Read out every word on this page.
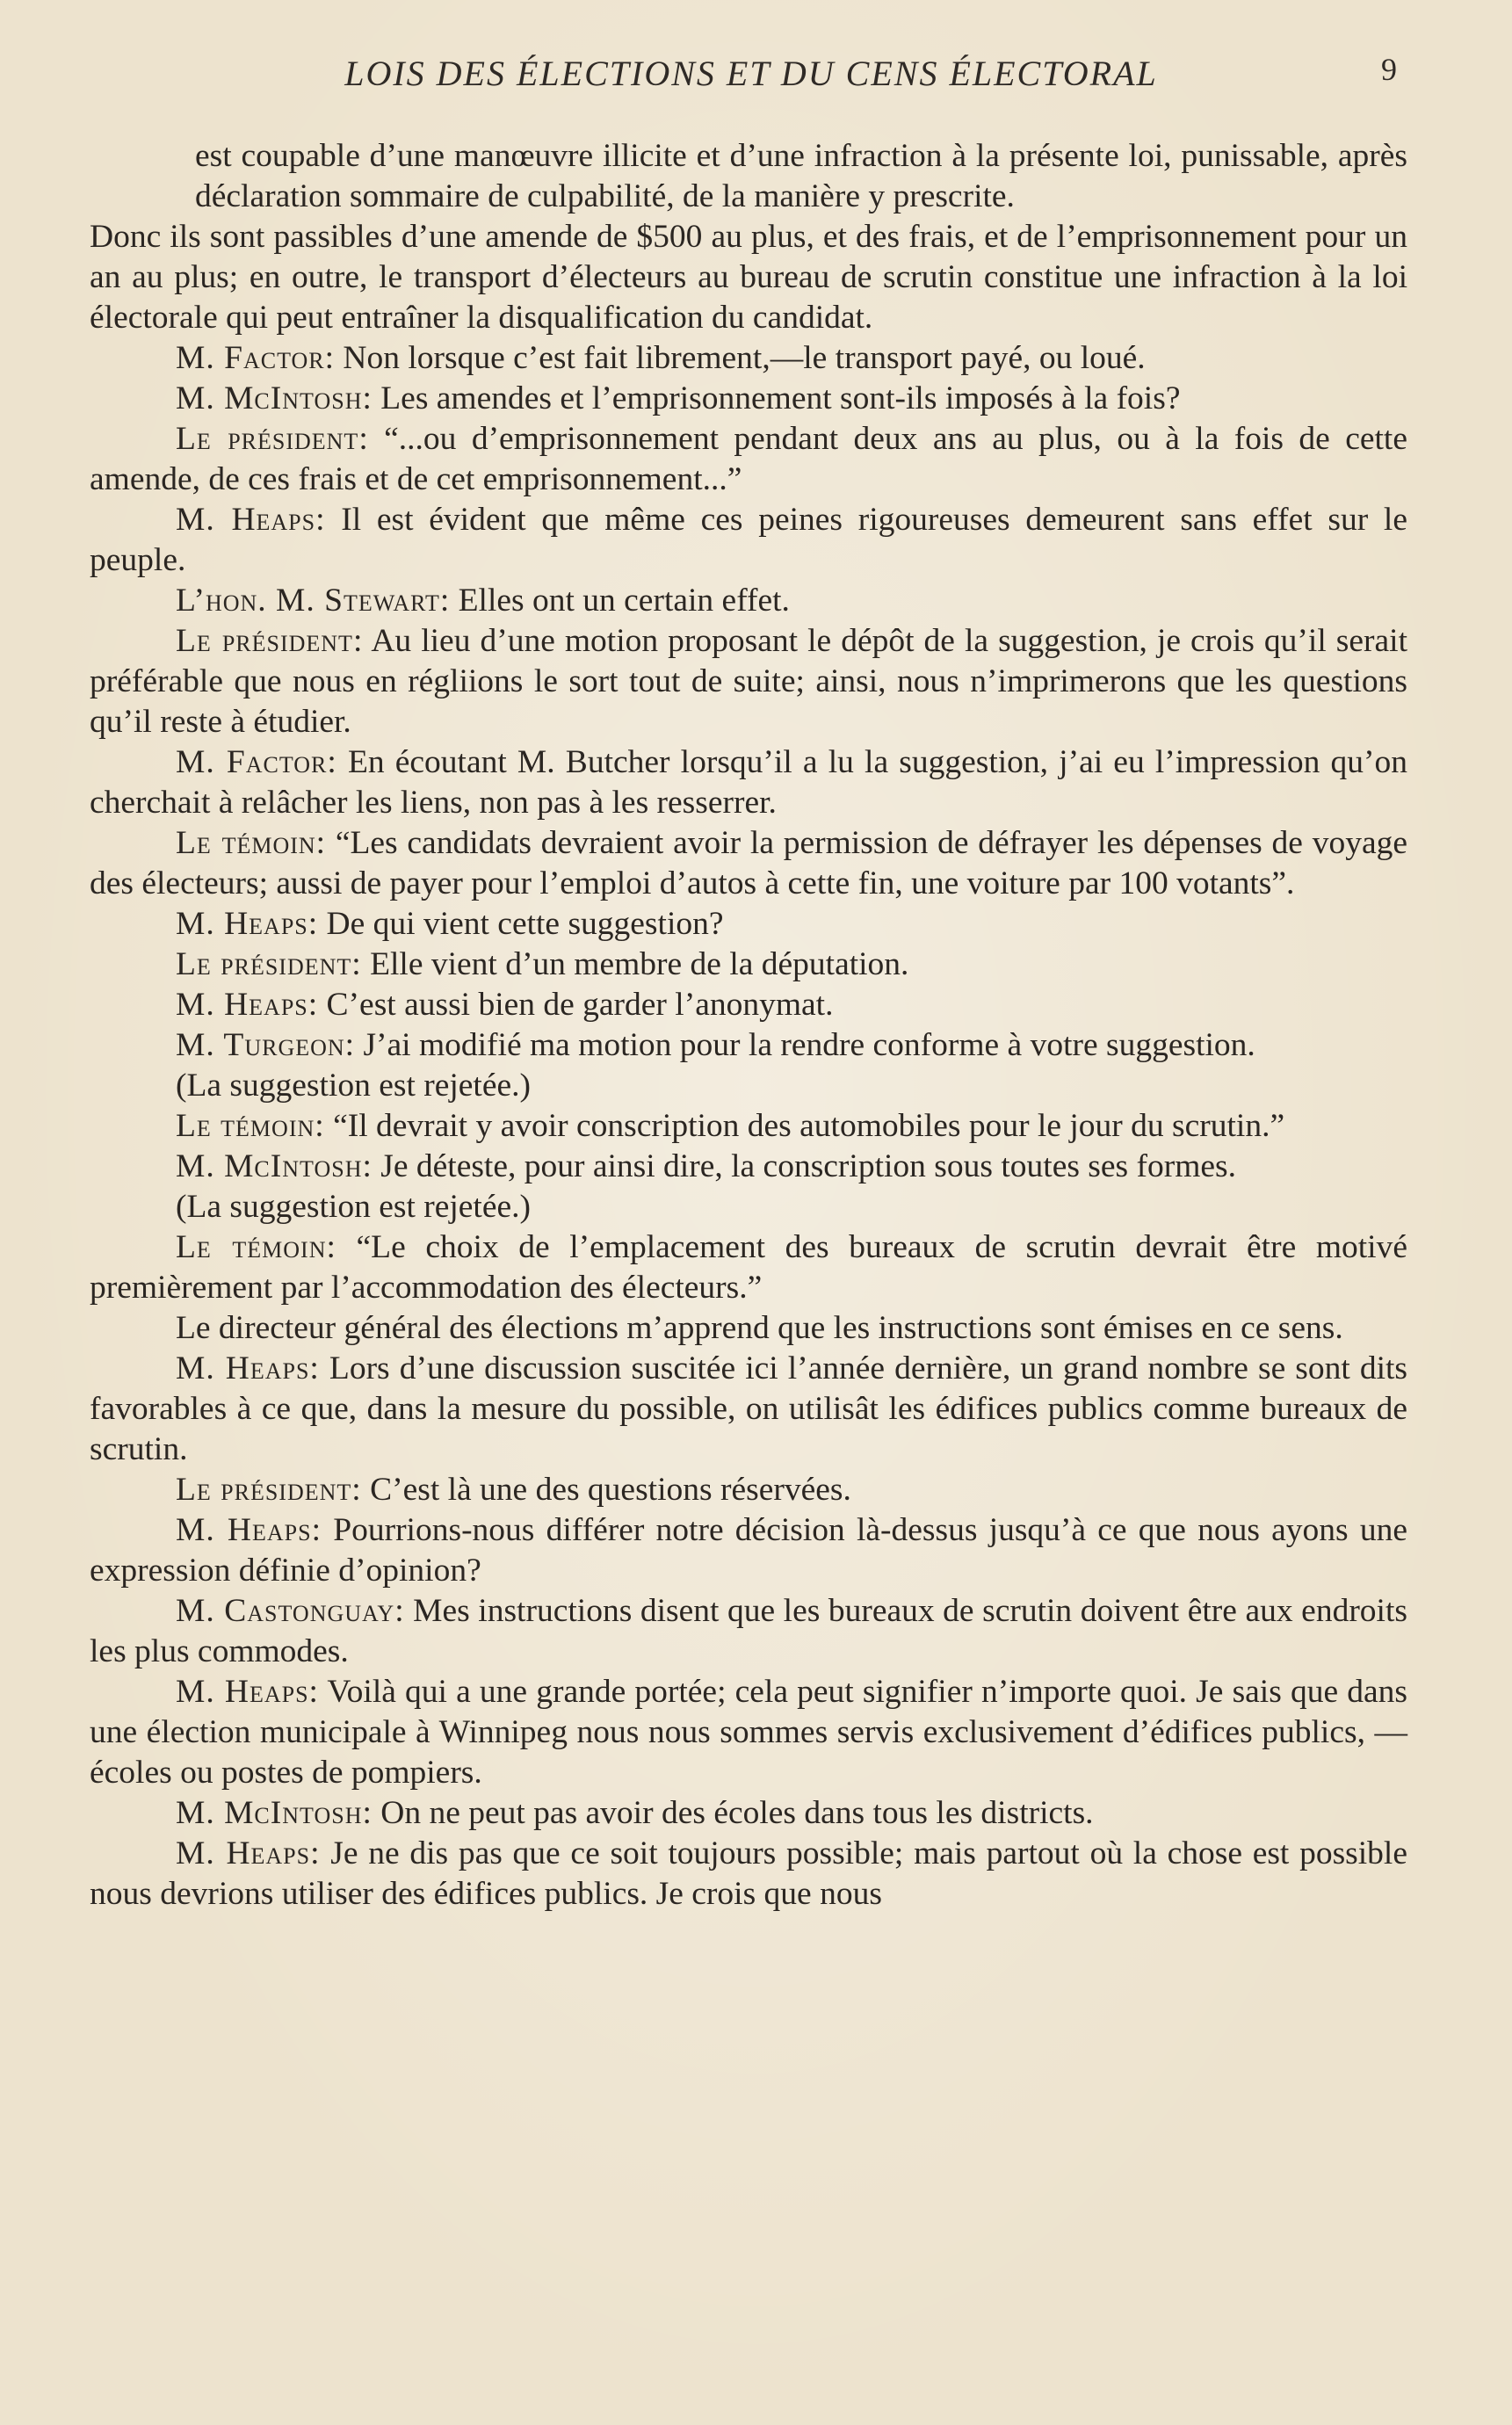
LOIS DES ÉLECTIONS ET DU CENS ÉLECTORAL	9

est coupable d’une manœuvre illicite et d’une infraction à la présente loi, punissable, après déclaration sommaire de culpabilité, de la manière y prescrite.

Donc ils sont passibles d’une amende de $500 au plus, et des frais, et de l’emprisonnement pour un an au plus; en outre, le transport d’électeurs au bureau de scrutin constitue une infraction à la loi électorale qui peut entraîner la disqualification du candidat.

M. Factor: Non lorsque c’est fait librement,—le transport payé, ou loué.

M. McIntosh: Les amendes et l’emprisonnement sont-ils imposés à la fois?

Le président: “...ou d’emprisonnement pendant deux ans au plus, ou à la fois de cette amende, de ces frais et de cet emprisonnement...”

M. Heaps: Il est évident que même ces peines rigoureuses demeurent sans effet sur le peuple.

L’hon. M. Stewart: Elles ont un certain effet.

Le président: Au lieu d’une motion proposant le dépôt de la suggestion, je crois qu’il serait préférable que nous en régliions le sort tout de suite; ainsi, nous n’imprimerons que les questions qu’il reste à étudier.

M. Factor: En écoutant M. Butcher lorsqu’il a lu la suggestion, j’ai eu l’impression qu’on cherchait à relâcher les liens, non pas à les resserrer.

Le témoin: “Les candidats devraient avoir la permission de défrayer les dépenses de voyage des électeurs; aussi de payer pour l’emploi d’autos à cette fin, une voiture par 100 votants”.

M. Heaps: De qui vient cette suggestion?

Le président: Elle vient d’un membre de la députation.

M. Heaps: C’est aussi bien de garder l’anonymat.

M. Turgeon: J’ai modifié ma motion pour la rendre conforme à votre suggestion.

(La suggestion est rejetée.)

Le témoin: “Il devrait y avoir conscription des automobiles pour le jour du scrutin.”

M. McIntosh: Je déteste, pour ainsi dire, la conscription sous toutes ses formes.

(La suggestion est rejetée.)

Le témoin: “Le choix de l’emplacement des bureaux de scrutin devrait être motivé premièrement par l’accommodation des électeurs.”

Le directeur général des élections m’apprend que les instructions sont émises en ce sens.

M. Heaps: Lors d’une discussion suscitée ici l’année dernière, un grand nombre se sont dits favorables à ce que, dans la mesure du possible, on utilisât les édifices publics comme bureaux de scrutin.

Le président: C’est là une des questions réservées.

M. Heaps: Pourrions-nous différer notre décision là-dessus jusqu’à ce que nous ayons une expression définie d’opinion?

M. Castonguay: Mes instructions disent que les bureaux de scrutin doivent être aux endroits les plus commodes.

M. Heaps: Voilà qui a une grande portée; cela peut signifier n’importe quoi. Je sais que dans une élection municipale à Winnipeg nous nous sommes servis exclusivement d’édifices publics, — écoles ou postes de pompiers.

M. McIntosh: On ne peut pas avoir des écoles dans tous les districts.

M. Heaps: Je ne dis pas que ce soit toujours possible; mais partout où la chose est possible nous devrions utiliser des édifices publics. Je crois que nous
